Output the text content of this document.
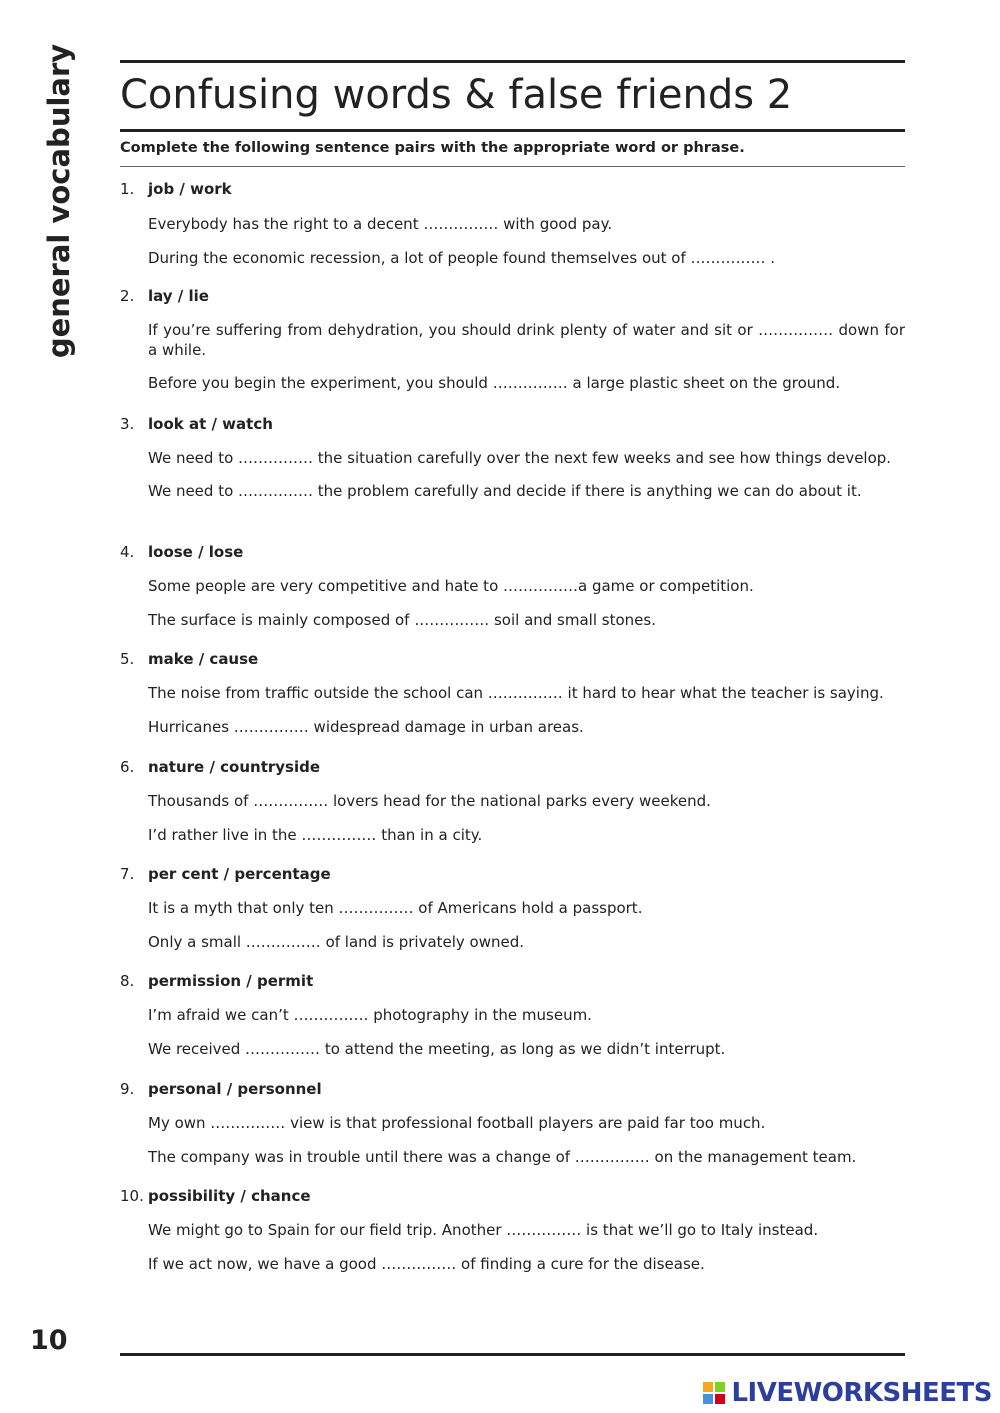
general vocabulary Confusing words & false friends 2
Complete the following sentence pairs with the appropriate word or phrase.
1. job / work
Everybody has the right to a decent …………… with good pay.
During the economic recession, a lot of people found themselves out of …………… .
2. lay / lie
If you’re suffering from dehydration, you should drink plenty of water and sit or …………… down for a while.
Before you begin the experiment, you should …………… a large plastic sheet on the ground.
3. look at / watch
We need to …………… the situation carefully over the next few weeks and see how things develop.
We need to …………… the problem carefully and decide if there is anything we can do about it.
4. loose / lose
Some people are very competitive and hate to ……………a game or competition.
The surface is mainly composed of …………… soil and small stones.
5. make / cause
The noise from traffic outside the school can …………… it hard to hear what the teacher is saying.
Hurricanes …………… widespread damage in urban areas.
6. nature / countryside
Thousands of …………… lovers head for the national parks every weekend.
I’d rather live in the …………… than in a city.
7. per cent / percentage
It is a myth that only ten …………… of Americans hold a passport.
Only a small …………… of land is privately owned.
8. permission / permit
I’m afraid we can’t …………… photography in the museum.
We received …………… to attend the meeting, as long as we didn’t interrupt.
9. personal / personnel
My own …………… view is that professional football players are paid far too much.
The company was in trouble until there was a change of …………… on the management team.
10. possibility / chance
We might go to Spain for our field trip. Another …………… is that we’ll go to Italy instead.
If we act now, we have a good …………… of finding a cure for the disease.
10
LIVEWORKSHEETS
